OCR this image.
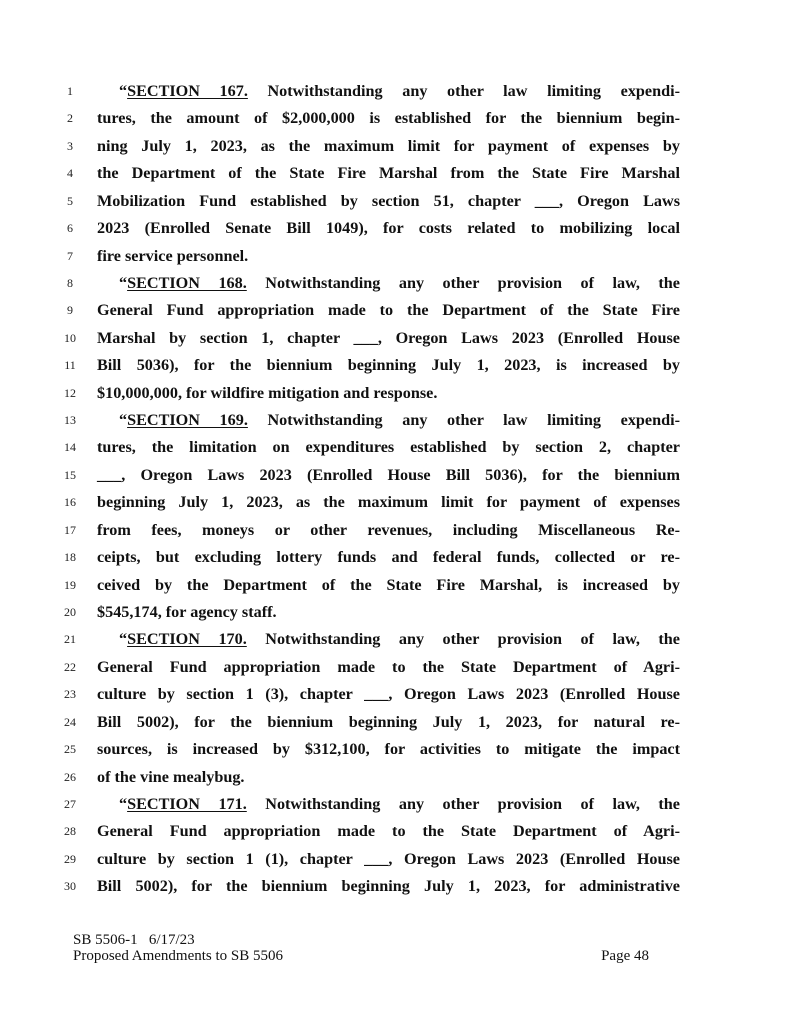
1	“SECTION 167. Notwithstanding any other law limiting expendi-
2	tures, the amount of $2,000,000 is established for the biennium begin-
3	ning July 1, 2023, as the maximum limit for payment of expenses by
4	the Department of the State Fire Marshal from the State Fire Marshal
5	Mobilization Fund established by section 51, chapter ___, Oregon Laws
6	2023 (Enrolled Senate Bill 1049), for costs related to mobilizing local
7	fire service personnel.
8	“SECTION 168. Notwithstanding any other provision of law, the
9	General Fund appropriation made to the Department of the State Fire
10	Marshal by section 1, chapter ___, Oregon Laws 2023 (Enrolled House
11	Bill 5036), for the biennium beginning July 1, 2023, is increased by
12	$10,000,000, for wildfire mitigation and response.
13	“SECTION 169. Notwithstanding any other law limiting expendi-
14	tures, the limitation on expenditures established by section 2, chapter
15	___, Oregon Laws 2023 (Enrolled House Bill 5036), for the biennium
16	beginning July 1, 2023, as the maximum limit for payment of expenses
17	from fees, moneys or other revenues, including Miscellaneous Re-
18	ceipts, but excluding lottery funds and federal funds, collected or re-
19	ceived by the Department of the State Fire Marshal, is increased by
20	$545,174, for agency staff.
21	“SECTION 170. Notwithstanding any other provision of law, the
22	General Fund appropriation made to the State Department of Agri-
23	culture by section 1 (3), chapter ___, Oregon Laws 2023 (Enrolled House
24	Bill 5002), for the biennium beginning July 1, 2023, for natural re-
25	sources, is increased by $312,100, for activities to mitigate the impact
26	of the vine mealybug.
27	“SECTION 171. Notwithstanding any other provision of law, the
28	General Fund appropriation made to the State Department of Agri-
29	culture by section 1 (1), chapter ___, Oregon Laws 2023 (Enrolled House
30	Bill 5002), for the biennium beginning July 1, 2023, for administrative
SB 5506-1 6/17/23
Proposed Amendments to SB 5506	Page 48
